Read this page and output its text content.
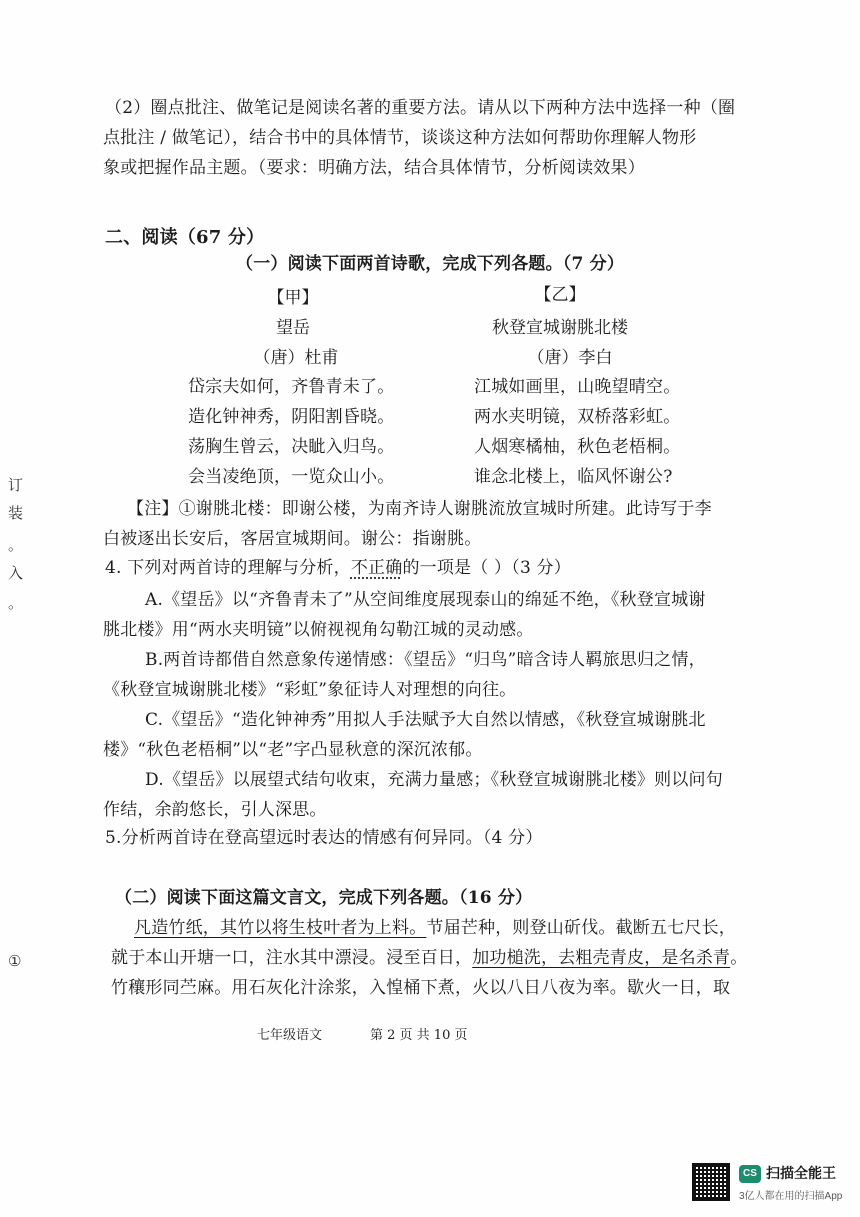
（2）圈点批注、做笔记是阅读名著的重要方法。请从以下两种方法中选择一种（圈
点批注 / 做笔记），结合书中的具体情节，谈谈这种方法如何帮助你理解人物形
象或把握作品主题。（要求：明确方法，结合具体情节，分析阅读效果）
二、阅读（67 分）
（一）阅读下面两首诗歌，完成下列各题。（7 分）
【甲】
望岳
（唐）杜甫
岱宗夫如何，齐鲁青未了。
造化钟神秀，阴阳割昏晓。
荡胸生曾云，决眦入归鸟。
会当凌绝顶，一览众山小。
【乙】
秋登宣城谢朓北楼
（唐）李白
江城如画里，山晚望晴空。
两水夹明镜，双桥落彩虹。
人烟寒橘柚，秋色老梧桐。
谁念北楼上，临风怀谢公?
【注】①谢朓北楼：即谢公楼，为南齐诗人谢朓流放宣城时所建。此诗写于李
白被逐出长安后，客居宣城期间。谢公：指谢朓。
4. 下列对两首诗的理解与分析，不正确的一项是（ ）（3 分）
A.《望岳》以“齐鲁青未了”从空间维度展现泰山的绵延不绝，《秋登宣城谢
朓北楼》用“两水夹明镜”以俯视视角勾勒江城的灵动感。
B.两首诗都借自然意象传递情感：《望岳》“归鸟”暗含诗人羁旅思归之情，
《秋登宣城谢朓北楼》“彩虹”象征诗人对理想的向往。
C.《望岳》“造化钟神秀”用拟人手法赋予大自然以情感，《秋登宣城谢朓北
楼》“秋色老梧桐”以“老”字凸显秋意的深沉浓郁。
D.《望岳》以展望式结句收束，充满力量感；《秋登宣城谢朓北楼》则以问句
作结，余韵悠长，引人深思。
5.分析两首诗在登高望远时表达的情感有何异同。（4 分）
（二）阅读下面这篇文言文，完成下列各题。（16 分）
凡造竹纸，其竹以将生枝叶者为上料。节届芒种，则登山斫伐。截断五七尺长，
就于本山开塘一口，注水其中漂浸。浸至百日，加功槌洗，去粗壳青皮，是名杀青。
竹穰形同苎麻。用石灰化汁涂浆，入惶桶下煮，火以八日八夜为率。歇火一日，取
订
装
。
入
。
①
七年级语文	第 2 页 共 10 页
CS 扫描全能王
3亿人都在用的扫描App
